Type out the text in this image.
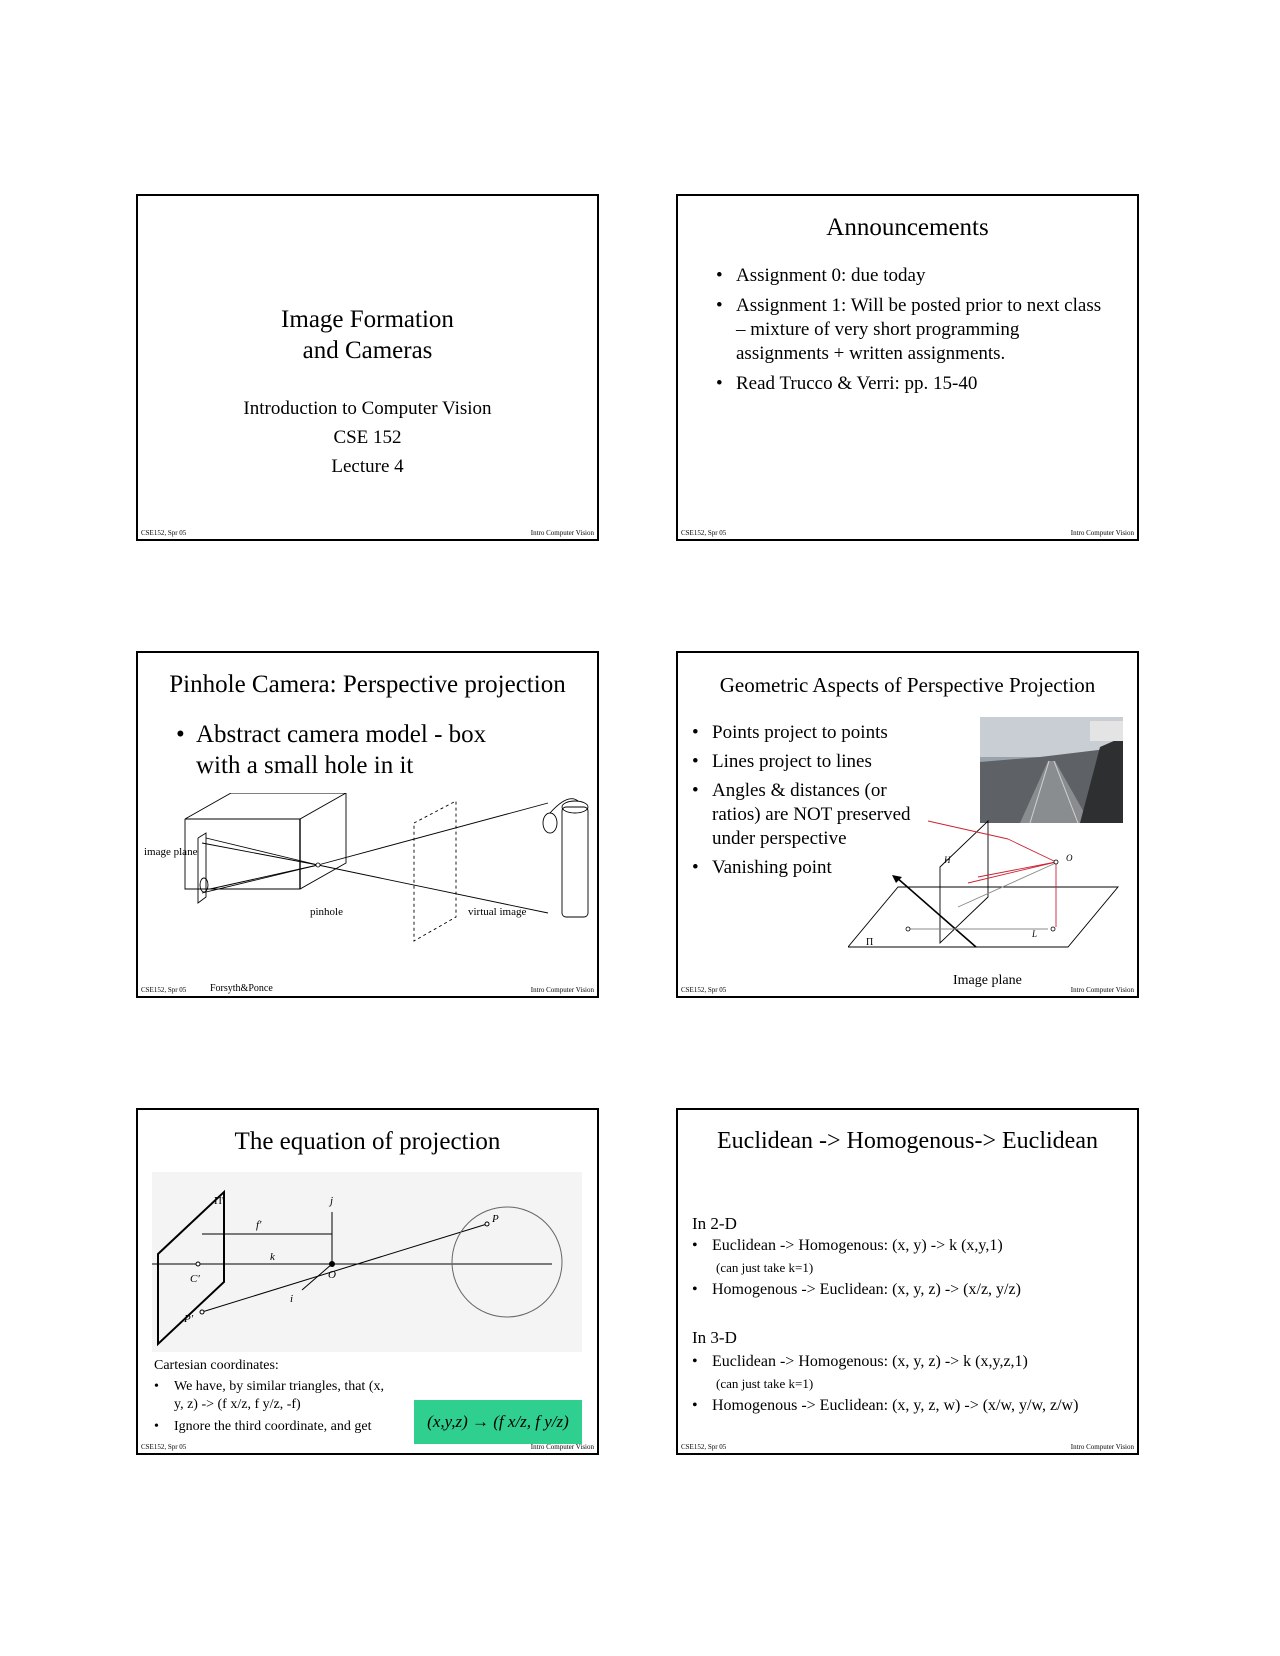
Image Formation
and Cameras
Introduction to Computer Vision
CSE 152
Lecture 4
CSE152, Spr 05	Intro Computer Vision
Announcements
• Assignment 0: due today
• Assignment 1: Will be posted prior to next class – mixture of very short programming assignments + written assignments.
• Read Trucco & Verri: pp. 15-40
CSE152, Spr 05	Intro Computer Vision
Pinhole Camera: Perspective projection
• Abstract camera model - box with a small hole in it
image plane
pinhole	virtual image
Forsyth&Ponce
CSE152, Spr 05	Intro Computer Vision
Geometric Aspects of Perspective Projection
• Points project to points
• Lines project to lines
• Angles & distances (or ratios) are NOT preserved under perspective
• Vanishing point	H	O
Π
L
Image plane
CSE152, Spr 05	Intro Computer Vision
The equation of projection
Π'
f'
j
k
O
C'
i
P
P'
Cartesian coordinates:
• We have, by similar triangles, that (x, y, z) -> (f x/z, f y/z, -f)
• Ignore the third coordinate, and get	(x,y,z) → (f x/z, f y/z)
CSE152, Spr 05	Intro Computer Vision
Euclidean -> Homogenous-> Euclidean
In 2-D
• Euclidean -> Homogenous: (x, y) -> k (x,y,1)
(can just take k=1)
• Homogenous -> Euclidean: (x, y, z) -> (x/z, y/z)
In 3-D
• Euclidean -> Homogenous: (x, y, z) -> k (x,y,z,1)
(can just take k=1)
• Homogenous -> Euclidean: (x, y, z, w) -> (x/w, y/w, z/w)
CSE152, Spr 05	Intro Computer Vision
